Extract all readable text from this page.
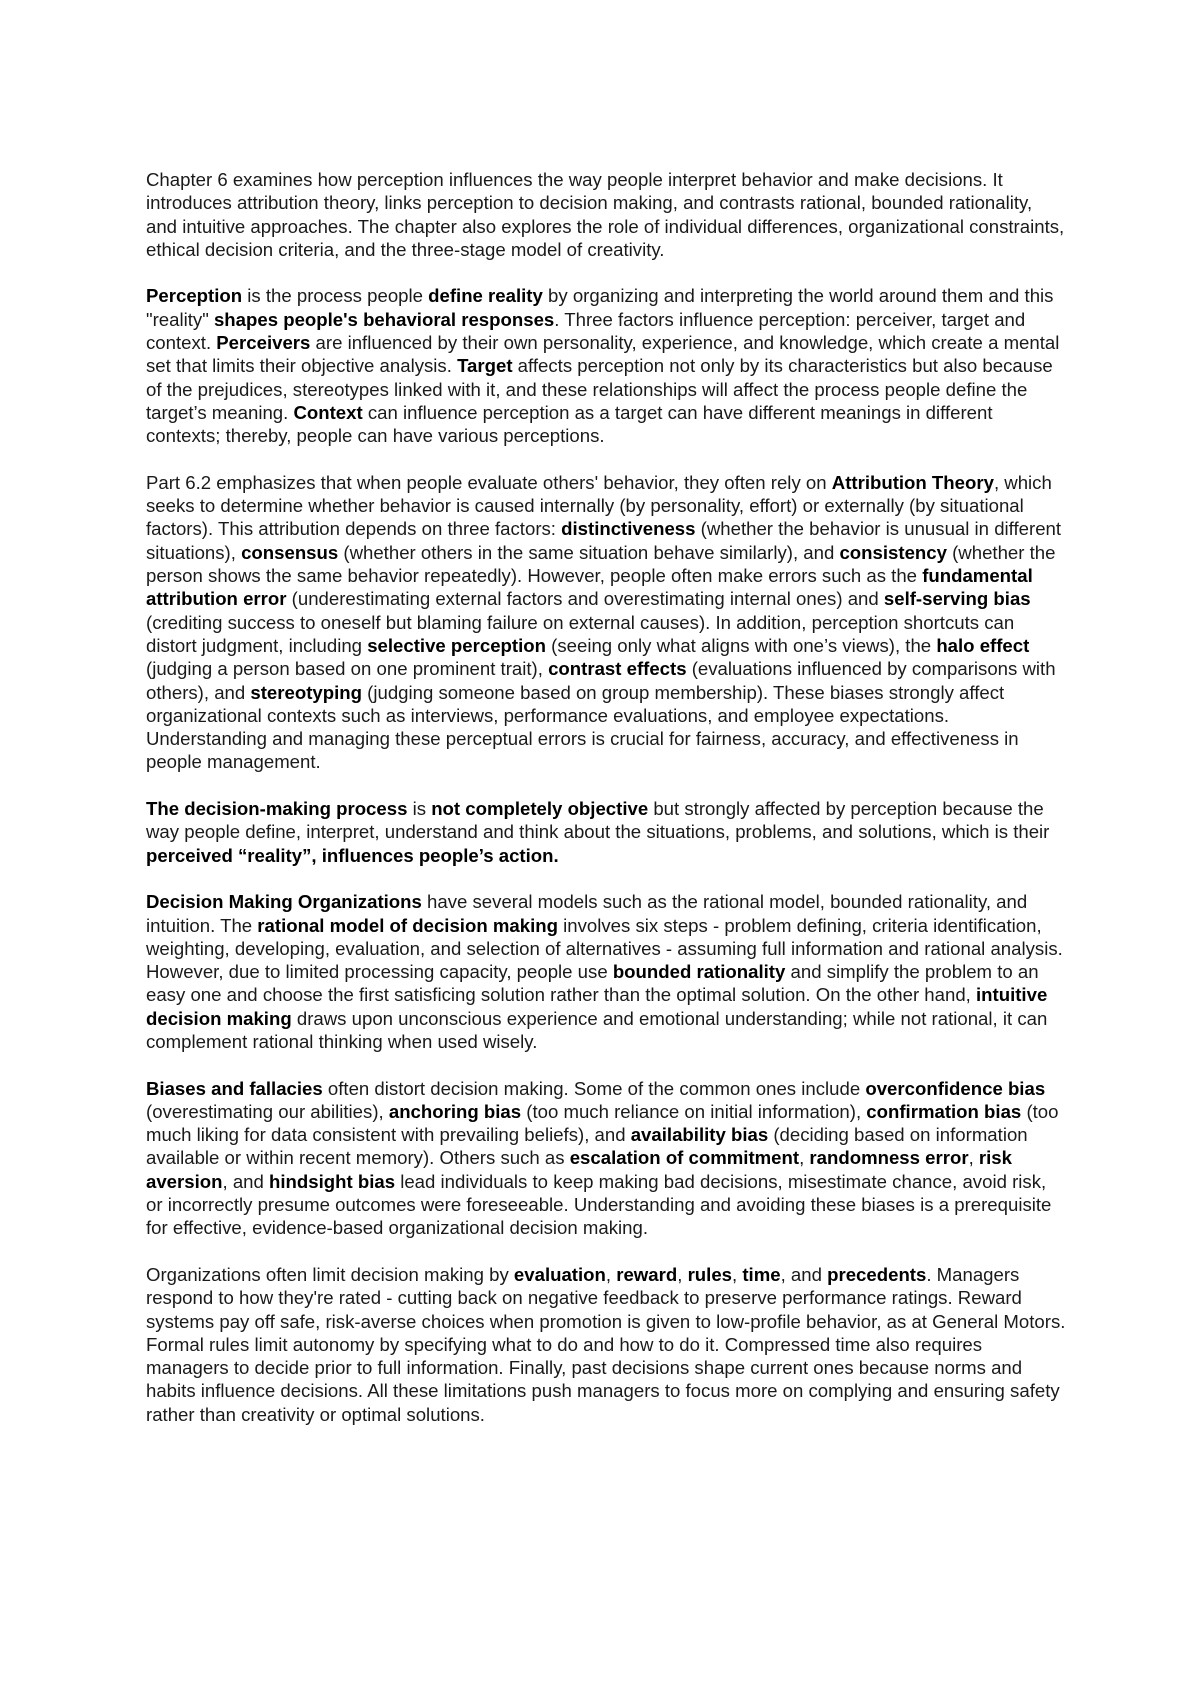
Chapter 6 examines how perception influences the way people interpret behavior and make decisions. It introduces attribution theory, links perception to decision making, and contrasts rational, bounded rationality, and intuitive approaches. The chapter also explores the role of individual differences, organizational constraints, ethical decision criteria, and the three-stage model of creativity.

Perception is the process people define reality by organizing and interpreting the world around them and this "reality" shapes people's behavioral responses. Three factors influence perception: perceiver, target and context. Perceivers are influenced by their own personality, experience, and knowledge, which create a mental set that limits their objective analysis. Target affects perception not only by its characteristics but also because of the prejudices, stereotypes linked with it, and these relationships will affect the process people define the target’s meaning. Context can influence perception as a target can have different meanings in different contexts; thereby, people can have various perceptions.

Part 6.2 emphasizes that when people evaluate others' behavior, they often rely on Attribution Theory, which seeks to determine whether behavior is caused internally (by personality, effort) or externally (by situational factors). This attribution depends on three factors: distinctiveness (whether the behavior is unusual in different situations), consensus (whether others in the same situation behave similarly), and consistency (whether the person shows the same behavior repeatedly). However, people often make errors such as the fundamental attribution error (underestimating external factors and overestimating internal ones) and self-serving bias (crediting success to oneself but blaming failure on external causes). In addition, perception shortcuts can distort judgment, including selective perception (seeing only what aligns with one’s views), the halo effect (judging a person based on one prominent trait), contrast effects (evaluations influenced by comparisons with others), and stereotyping (judging someone based on group membership). These biases strongly affect organizational contexts such as interviews, performance evaluations, and employee expectations. Understanding and managing these perceptual errors is crucial for fairness, accuracy, and effectiveness in people management.

The decision-making process is not completely objective but strongly affected by perception because the way people define, interpret, understand and think about the situations, problems, and solutions, which is their perceived “reality”, influences people’s action.

Decision Making Organizations have several models such as the rational model, bounded rationality, and intuition. The rational model of decision making involves six steps - problem defining, criteria identification, weighting, developing, evaluation, and selection of alternatives - assuming full information and rational analysis. However, due to limited processing capacity, people use bounded rationality and simplify the problem to an easy one and choose the first satisficing solution rather than the optimal solution. On the other hand, intuitive decision making draws upon unconscious experience and emotional understanding; while not rational, it can complement rational thinking when used wisely.

Biases and fallacies often distort decision making. Some of the common ones include overconfidence bias (overestimating our abilities), anchoring bias (too much reliance on initial information), confirmation bias (too much liking for data consistent with prevailing beliefs), and availability bias (deciding based on information available or within recent memory). Others such as escalation of commitment, randomness error, risk aversion, and hindsight bias lead individuals to keep making bad decisions, misestimate chance, avoid risk, or incorrectly presume outcomes were foreseeable. Understanding and avoiding these biases is a prerequisite for effective, evidence-based organizational decision making.

Organizations often limit decision making by evaluation, reward, rules, time, and precedents. Managers respond to how they're rated - cutting back on negative feedback to preserve performance ratings. Reward systems pay off safe, risk-averse choices when promotion is given to low-profile behavior, as at General Motors. Formal rules limit autonomy by specifying what to do and how to do it. Compressed time also requires managers to decide prior to full information. Finally, past decisions shape current ones because norms and habits influence decisions. All these limitations push managers to focus more on complying and ensuring safety rather than creativity or optimal solutions.
